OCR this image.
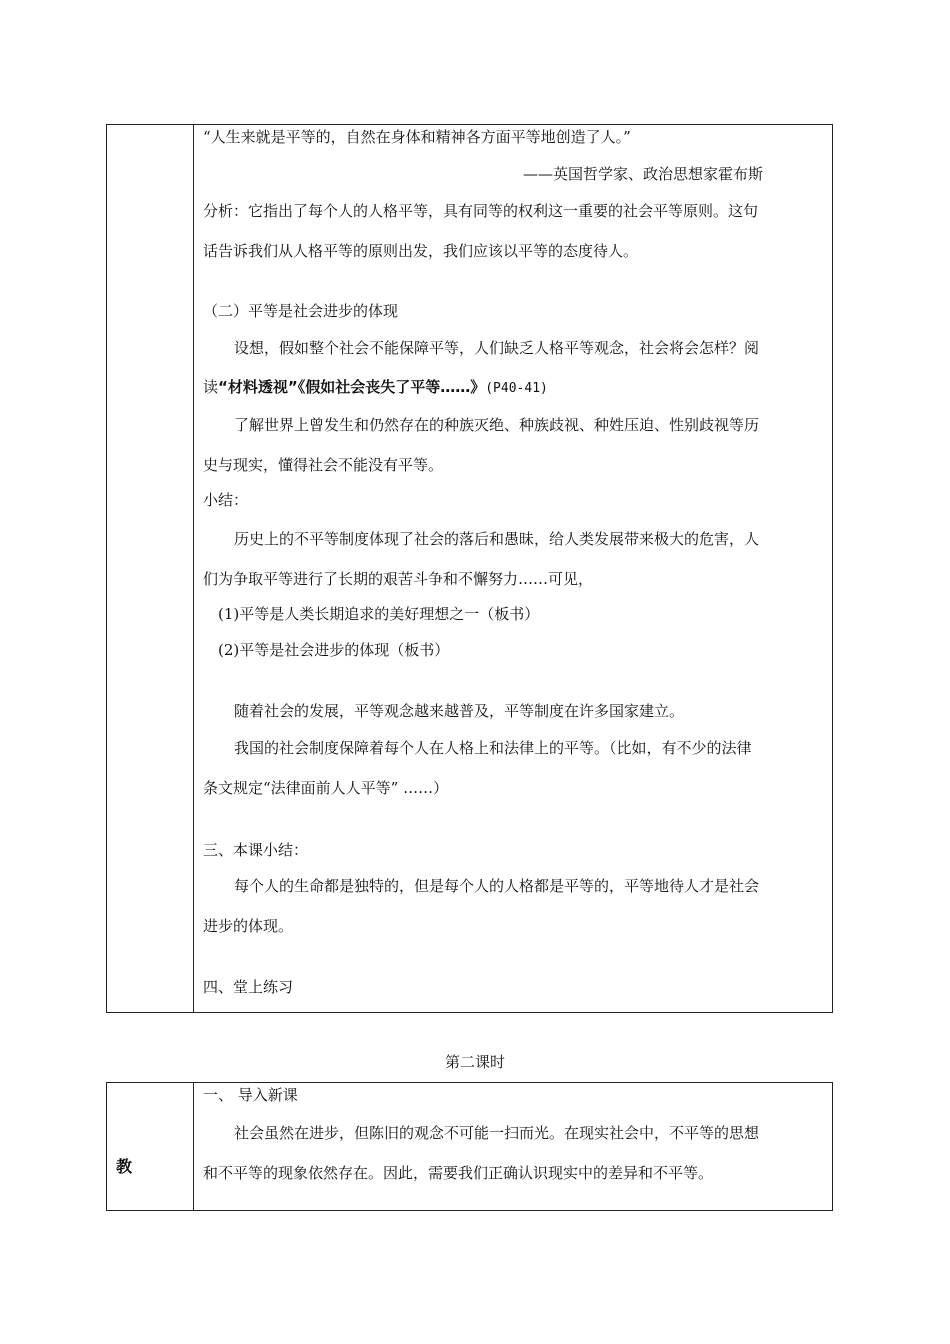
“人生来就是平等的，自然在身体和精神各方面平等地创造了人。”
——英国哲学家、政治思想家霍布斯
分析：它指出了每个人的人格平等，具有同等的权利这一重要的社会平等原则。这句
话告诉我们从人格平等的原则出发，我们应该以平等的态度待人。
（二）平等是社会进步的体现
设想，假如整个社会不能保障平等，人们缺乏人格平等观念，社会将会怎样？阅
读“材料透视”《假如社会丧失了平等……》(P40-41)
了解世界上曾发生和仍然存在的种族灭绝、种族歧视、种姓压迫、性别歧视等历
史与现实，懂得社会不能没有平等。
小结：
历史上的不平等制度体现了社会的落后和愚昧，给人类发展带来极大的危害，人
们为争取平等进行了长期的艰苦斗争和不懈努力……可见，
(1)平等是人类长期追求的美好理想之一（板书）
(2)平等是社会进步的体现（板书）
随着社会的发展，平等观念越来越普及，平等制度在许多国家建立。
我国的社会制度保障着每个人在人格上和法律上的平等。（比如，有不少的法律
条文规定“法律面前人人平等” ……）
三、本课小结：
每个人的生命都是独特的，但是每个人的人格都是平等的，平等地待人才是社会
进步的体现。
四、堂上练习
第二课时
教
一、 导入新课
社会虽然在进步，但陈旧的观念不可能一扫而光。在现实社会中，不平等的思想
和不平等的现象依然存在。因此，需要我们正确认识现实中的差异和不平等。
